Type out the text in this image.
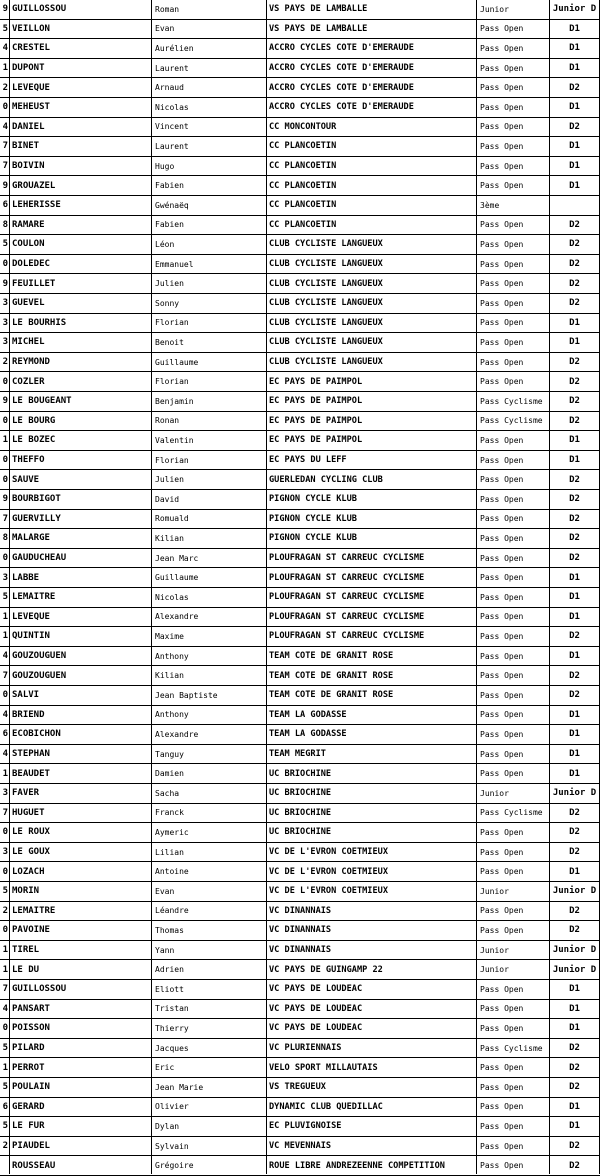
9 GUILLOSSOU	Roman	VS PAYS DE LAMBALLE	Junior	Junior D
5 VEILLON	Evan	VS PAYS DE LAMBALLE	Pass Open	D1
4 CRESTEL	Aurélien	ACCRO CYCLES COTE D'EMERAUDE	Pass Open	D1
1 DUPONT	Laurent	ACCRO CYCLES COTE D'EMERAUDE	Pass Open	D1
2 LEVEQUE	Arnaud	ACCRO CYCLES COTE D'EMERAUDE	Pass Open	D2
0 MEHEUST	Nicolas	ACCRO CYCLES COTE D'EMERAUDE	Pass Open	D1
4 DANIEL	Vincent	CC MONCONTOUR	Pass Open	D2
7 BINET	Laurent	CC PLANCOETIN	Pass Open	D1
7 BOIVIN	Hugo	CC PLANCOETIN	Pass Open	D1
9 GROUAZEL	Fabien	CC PLANCOETIN	Pass Open	D1
6 LEHERISSE	Gwénaëq	CC PLANCOETIN	3ème
8 RAMARE	Fabien	CC PLANCOETIN	Pass Open	D2
5 COULON	Léon	CLUB CYCLISTE LANGUEUX	Pass Open	D2
0 DOLEDEC	Emmanuel	CLUB CYCLISTE LANGUEUX	Pass Open	D2
9 FEUILLET	Julien	CLUB CYCLISTE LANGUEUX	Pass Open	D2
3 GUEVEL	Sonny	CLUB CYCLISTE LANGUEUX	Pass Open	D2
3 LE BOURHIS	Florian	CLUB CYCLISTE LANGUEUX	Pass Open	D1
3 MICHEL	Benoit	CLUB CYCLISTE LANGUEUX	Pass Open	D1
2 REYMOND	Guillaume	CLUB CYCLISTE LANGUEUX	Pass Open	D2
0 COZLER	Florian	EC PAYS DE PAIMPOL	Pass Open	D2
9 LE BOUGEANT	Benjamin	EC PAYS DE PAIMPOL	Pass Cyclisme	D2
0 LE BOURG	Ronan	EC PAYS DE PAIMPOL	Pass Cyclisme	D2
1 LE BOZEC	Valentin	EC PAYS DE PAIMPOL	Pass Open	D1
0 THEFFO	Florian	EC PAYS DU LEFF	Pass Open	D1
0 SAUVE	Julien	GUERLEDAN CYCLING CLUB	Pass Open	D2
9 BOURBIGOT	David	PIGNON CYCLE KLUB	Pass Open	D2
7 GUERVILLY	Romuald	PIGNON CYCLE KLUB	Pass Open	D2
8 MALARGE	Kilian	PIGNON CYCLE KLUB	Pass Open	D2
0 GAUDUCHEAU	Jean Marc	PLOUFRAGAN ST CARREUC CYCLISME	Pass Open	D2
3 LABBE	Guillaume	PLOUFRAGAN ST CARREUC CYCLISME	Pass Open	D1
5 LEMAITRE	Nicolas	PLOUFRAGAN ST CARREUC CYCLISME	Pass Open	D1
1 LEVEQUE	Alexandre	PLOUFRAGAN ST CARREUC CYCLISME	Pass Open	D1
1 QUINTIN	Maxime	PLOUFRAGAN ST CARREUC CYCLISME	Pass Open	D2
4 GOUZOUGUEN	Anthony	TEAM COTE DE GRANIT ROSE	Pass Open	D1
7 GOUZOUGUEN	Kilian	TEAM COTE DE GRANIT ROSE	Pass Open	D2
0 SALVI	Jean Baptiste	TEAM COTE DE GRANIT ROSE	Pass Open	D2
4 BRIEND	Anthony	TEAM LA GODASSE	Pass Open	D1
6 ECOBICHON	Alexandre	TEAM LA GODASSE	Pass Open	D1
4 STEPHAN	Tanguy	TEAM MEGRIT	Pass Open	D1
1 BEAUDET	Damien	UC BRIOCHINE	Pass Open	D1
3 FAVER	Sacha	UC BRIOCHINE	Junior	Junior D
7 HUGUET	Franck	UC BRIOCHINE	Pass Cyclisme	D2
0 LE ROUX	Aymeric	UC BRIOCHINE	Pass Open	D2
3 LE GOUX	Lilian	VC DE L'EVRON COETMIEUX	Pass Open	D2
0 LOZACH	Antoine	VC DE L'EVRON COETMIEUX	Pass Open	D1
5 MORIN	Evan	VC DE L'EVRON COETMIEUX	Junior	Junior D
2 LEMAITRE	Léandre	VC DINANNAIS	Pass Open	D2
0 PAVOINE	Thomas	VC DINANNAIS	Pass Open	D2
1 TIREL	Yann	VC DINANNAIS	Junior	Junior D
1 LE DU	Adrien	VC PAYS DE GUINGAMP 22	Junior	Junior D
7 GUILLOSSOU	Eliott	VC PAYS DE LOUDEAC	Pass Open	D1
4 PANSART	Tristan	VC PAYS DE LOUDEAC	Pass Open	D1
0 POISSON	Thierry	VC PAYS DE LOUDEAC	Pass Open	D1
5 PILARD	Jacques	VC PLURIENNAIS	Pass Cyclisme	D2
1 PERROT	Eric	VELO SPORT MILLAUTAIS	Pass Open	D2
5 POULAIN	Jean Marie	VS TREGUEUX	Pass Open	D2
6 GERARD	Olivier	DYNAMIC CLUB QUEDILLAC	Pass Open	D1
5 LE FUR	Dylan	EC PLUVIGNOISE	Pass Open	D1
2 PIAUDEL	Sylvain	VC MEVENNAIS	Pass Open	D2
ROUSSEAU	Grégoire	ROUE LIBRE ANDREZEENNE COMPETITION	Pass Open	D2
